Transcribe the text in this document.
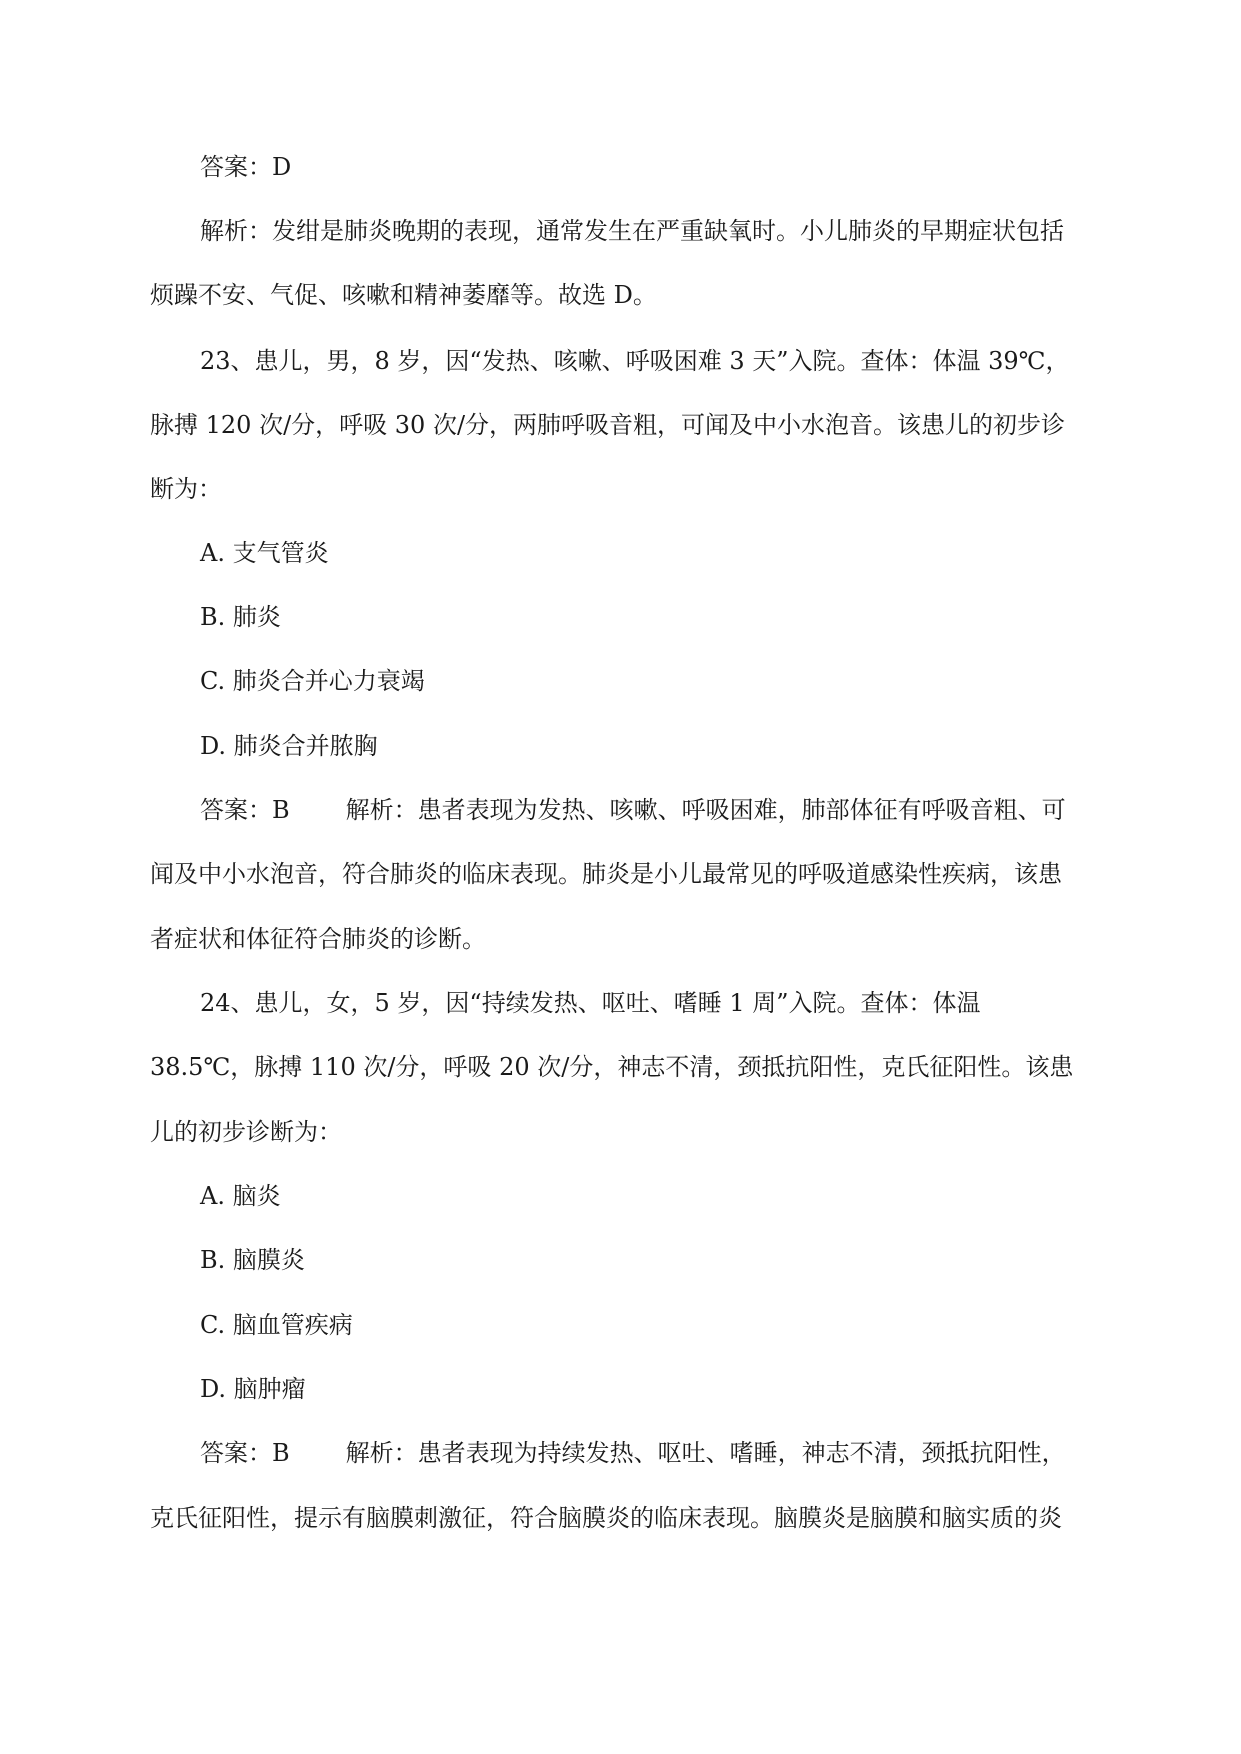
答案：D
解析：发绀是肺炎晚期的表现，通常发生在严重缺氧时。小儿肺炎的早期症状包括
烦躁不安、气促、咳嗽和精神萎靡等。故选 D。
23、患儿，男，8 岁，因“发热、咳嗽、呼吸困难 3 天”入院。查体：体温 39℃，
脉搏 120 次/分，呼吸 30 次/分，两肺呼吸音粗，可闻及中小水泡音。该患儿的初步诊
断为：
A. 支气管炎
B. 肺炎
C. 肺炎合并心力衰竭
D. 肺炎合并脓胸
答案：B 解析：患者表现为发热、咳嗽、呼吸困难，肺部体征有呼吸音粗、可
闻及中小水泡音，符合肺炎的临床表现。肺炎是小儿最常见的呼吸道感染性疾病，该患
者症状和体征符合肺炎的诊断。
24、患儿，女，5 岁，因“持续发热、呕吐、嗜睡 1 周”入院。查体：体温
38.5℃，脉搏 110 次/分，呼吸 20 次/分，神志不清，颈抵抗阳性，克氏征阳性。该患
儿的初步诊断为：
A. 脑炎
B. 脑膜炎
C. 脑血管疾病
D. 脑肿瘤
答案：B 解析：患者表现为持续发热、呕吐、嗜睡，神志不清，颈抵抗阳性，
克氏征阳性，提示有脑膜刺激征，符合脑膜炎的临床表现。脑膜炎是脑膜和脑实质的炎
